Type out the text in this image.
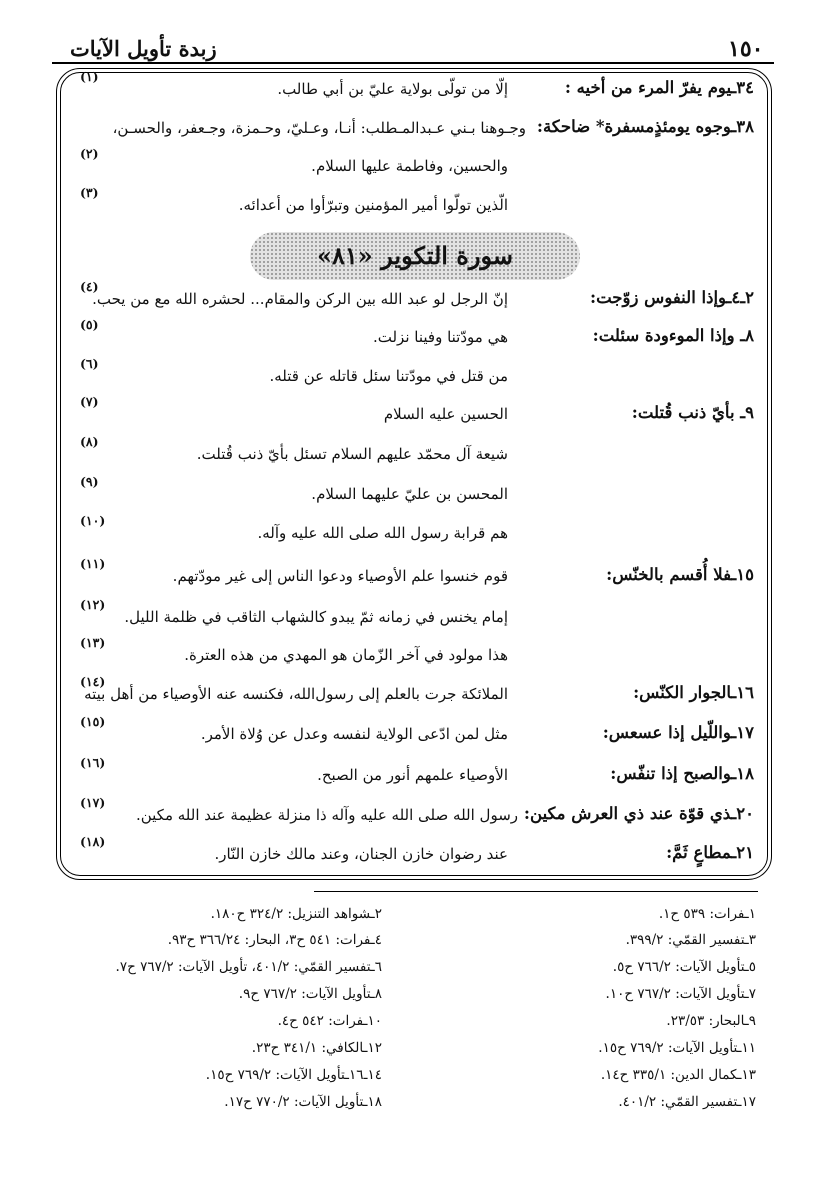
١٥٠
زبدة تأويل الآيات
٣٤ـيوم يفرّ المرء من أخيه :
إلّا من تولّى بولاية عليّ بن أبي طالب.
(١)
٣٨ـوجوه يومئذٍمسفرة* ضاحكة:
وجـوهنا بـني عـبدالمـطلب: أنـا، وعـليّ، وحـمزة، وجـعفر، والحسـن،
والحسين، وفاطمة عليها السلام.
(٢)
الّذين تولّوا أمير المؤمنين وتبرّأوا من أعدائه.
(٣)
سورة التكوير «٨١»
٢ـ٤ـوإذا النفوس زوّجت:
إنّ الرجل لو عبد الله بين الركن والمقام... لحشره الله مع من يحب.
(٤)
٨ـ وإذا الموءودة سئلت:
هي مودّتنا وفينا نزلت.
(٥)
من قتل في مودّتنا سئل قاتله عن قتله.
(٦)
٩ـ بأيّ ذنب قُتلت:
الحسين عليه السلام
(٧)
شيعة آل محمّد عليهم السلام تسئل بأيّ ذنب قُتلت.
(٨)
المحسن بن عليّ عليهما السلام.
(٩)
هم قرابة رسول الله صلى الله عليه وآله.
(١٠)
١٥ـفلا أُقسم بالخنّس:
قوم خنسوا علم الأوصياء ودعوا الناس إلى غير مودّتهم.
(١١)
إمام يخنس في زمانه ثمّ يبدو كالشهاب الثاقب في ظلمة الليل.
(١٢)
هذا مولود في آخر الزّمان هو المهدي من هذه العترة.
(١٣)
١٦ـالجوار الكنّس:
الملائكة جرت بالعلم إلى رسول‌الله، فكنسه عنه الأوصياء من أهل بيته
(١٤)
١٧ـواللّيل إذا عسعس:
مثل لمن ادّعى الولاية لنفسه وعدل عن وُلاة الأمر.
(١٥)
١٨ـوالصبح إذا تنفّس:
الأوصياء علمهم أنور من الصبح.
(١٦)
٢٠ـذي قوّة عند ذي العرش مكين:
رسول الله صلى الله عليه وآله ذا منزلة عظيمة عند الله مكين.
(١٧)
٢١ـمطاعٍ ثَمَّ:
عند رضوان خازن الجنان، وعند مالك خازن النّار.
(١٨)
١ـفرات: ٥٣٩ ح١.
٣ـتفسير القمّي: ٣٩٩/٢.
٥ـتأويل الآيات: ٧٦٦/٢ ح٥.
٧ـتأويل الآيات: ٧٦٧/٢ ح١٠.
٩ـالبحار: ٢٣/٥٣.
١١ـتأويل الآيات: ٧٦٩/٢ ح١٥.
١٣ـكمال الدين: ٣٣٥/١ ح١٤.
١٧ـتفسير القمّي: ٤٠١/٢.
٢ـشواهد التنزيل: ٣٢٤/٢ ح١٨٠.
٤ـفرات: ٥٤١ ح٣، البحار: ٣٦٦/٢٤ ح٩٣.
٦ـتفسير القمّي: ٤٠١/٢، تأويل الآيات: ٧٦٧/٢ ح٧.
٨ـتأويل الآيات: ٧٦٧/٢ ح٩.
١٠ـفرات: ٥٤٢ ح٤.
١٢ـالكافي: ٣٤١/١ ح٢٣.
١٤ـ١٦ـتأويل الآيات: ٧٦٩/٢ ح١٥.
١٨ـتأويل الآيات: ٧٧٠/٢ ح١٧.
